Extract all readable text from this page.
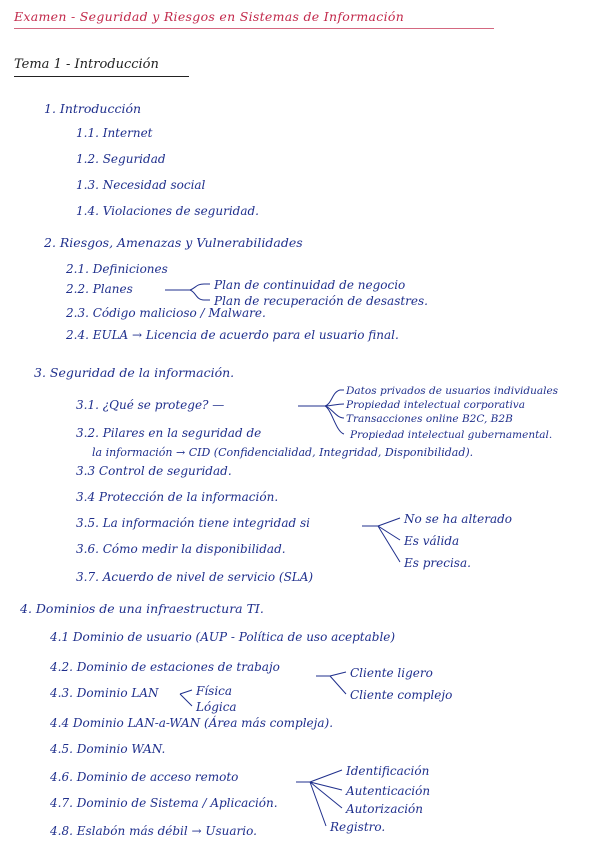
Examen - Seguridad y Riesgos en Sistemas de Información
Tema 1 - Introducción
1. Introducción
1.1. Internet
1.2. Seguridad
1.3. Necesidad social
1.4. Violaciones de seguridad.
2. Riesgos, Amenazas y Vulnerabilidades
2.1. Definiciones
2.2. Planes	Plan de continuidad de negocio
Plan de recuperación de desastres.
2.3. Código malicioso / Malware.
2.4. EULA → Licencia de acuerdo para el usuario final.
3. Seguridad de la información.
3.1. ¿Qué se protege? —
Datos privados de usuarios individuales
Propiedad intelectual corporativa
Transacciones online B2C, B2B
Propiedad intelectual gubernamental.
3.2. Pilares en la seguridad de
la información → CID (Confidencialidad, Integridad, Disponibilidad).
3.3 Control de seguridad.
3.4 Protección de la información.
3.5. La información tiene integridad si	No se ha alterado
Es válida
Es precisa.
3.6. Cómo medir la disponibilidad.
3.7. Acuerdo de nivel de servicio (SLA)
4. Dominios de una infraestructura TI.
4.1 Dominio de usuario (AUP - Política de uso aceptable)
4.2. Dominio de estaciones de trabajo	Cliente ligero
Cliente complejo
4.3. Dominio LAN	Física
Lógica
4.4 Dominio LAN-a-WAN (Área más compleja).
4.5. Dominio WAN.
4.6. Dominio de acceso remoto	Identificación
Autenticación
Autorización
Registro.
4.7. Dominio de Sistema / Aplicación.
4.8. Eslabón más débil → Usuario.
